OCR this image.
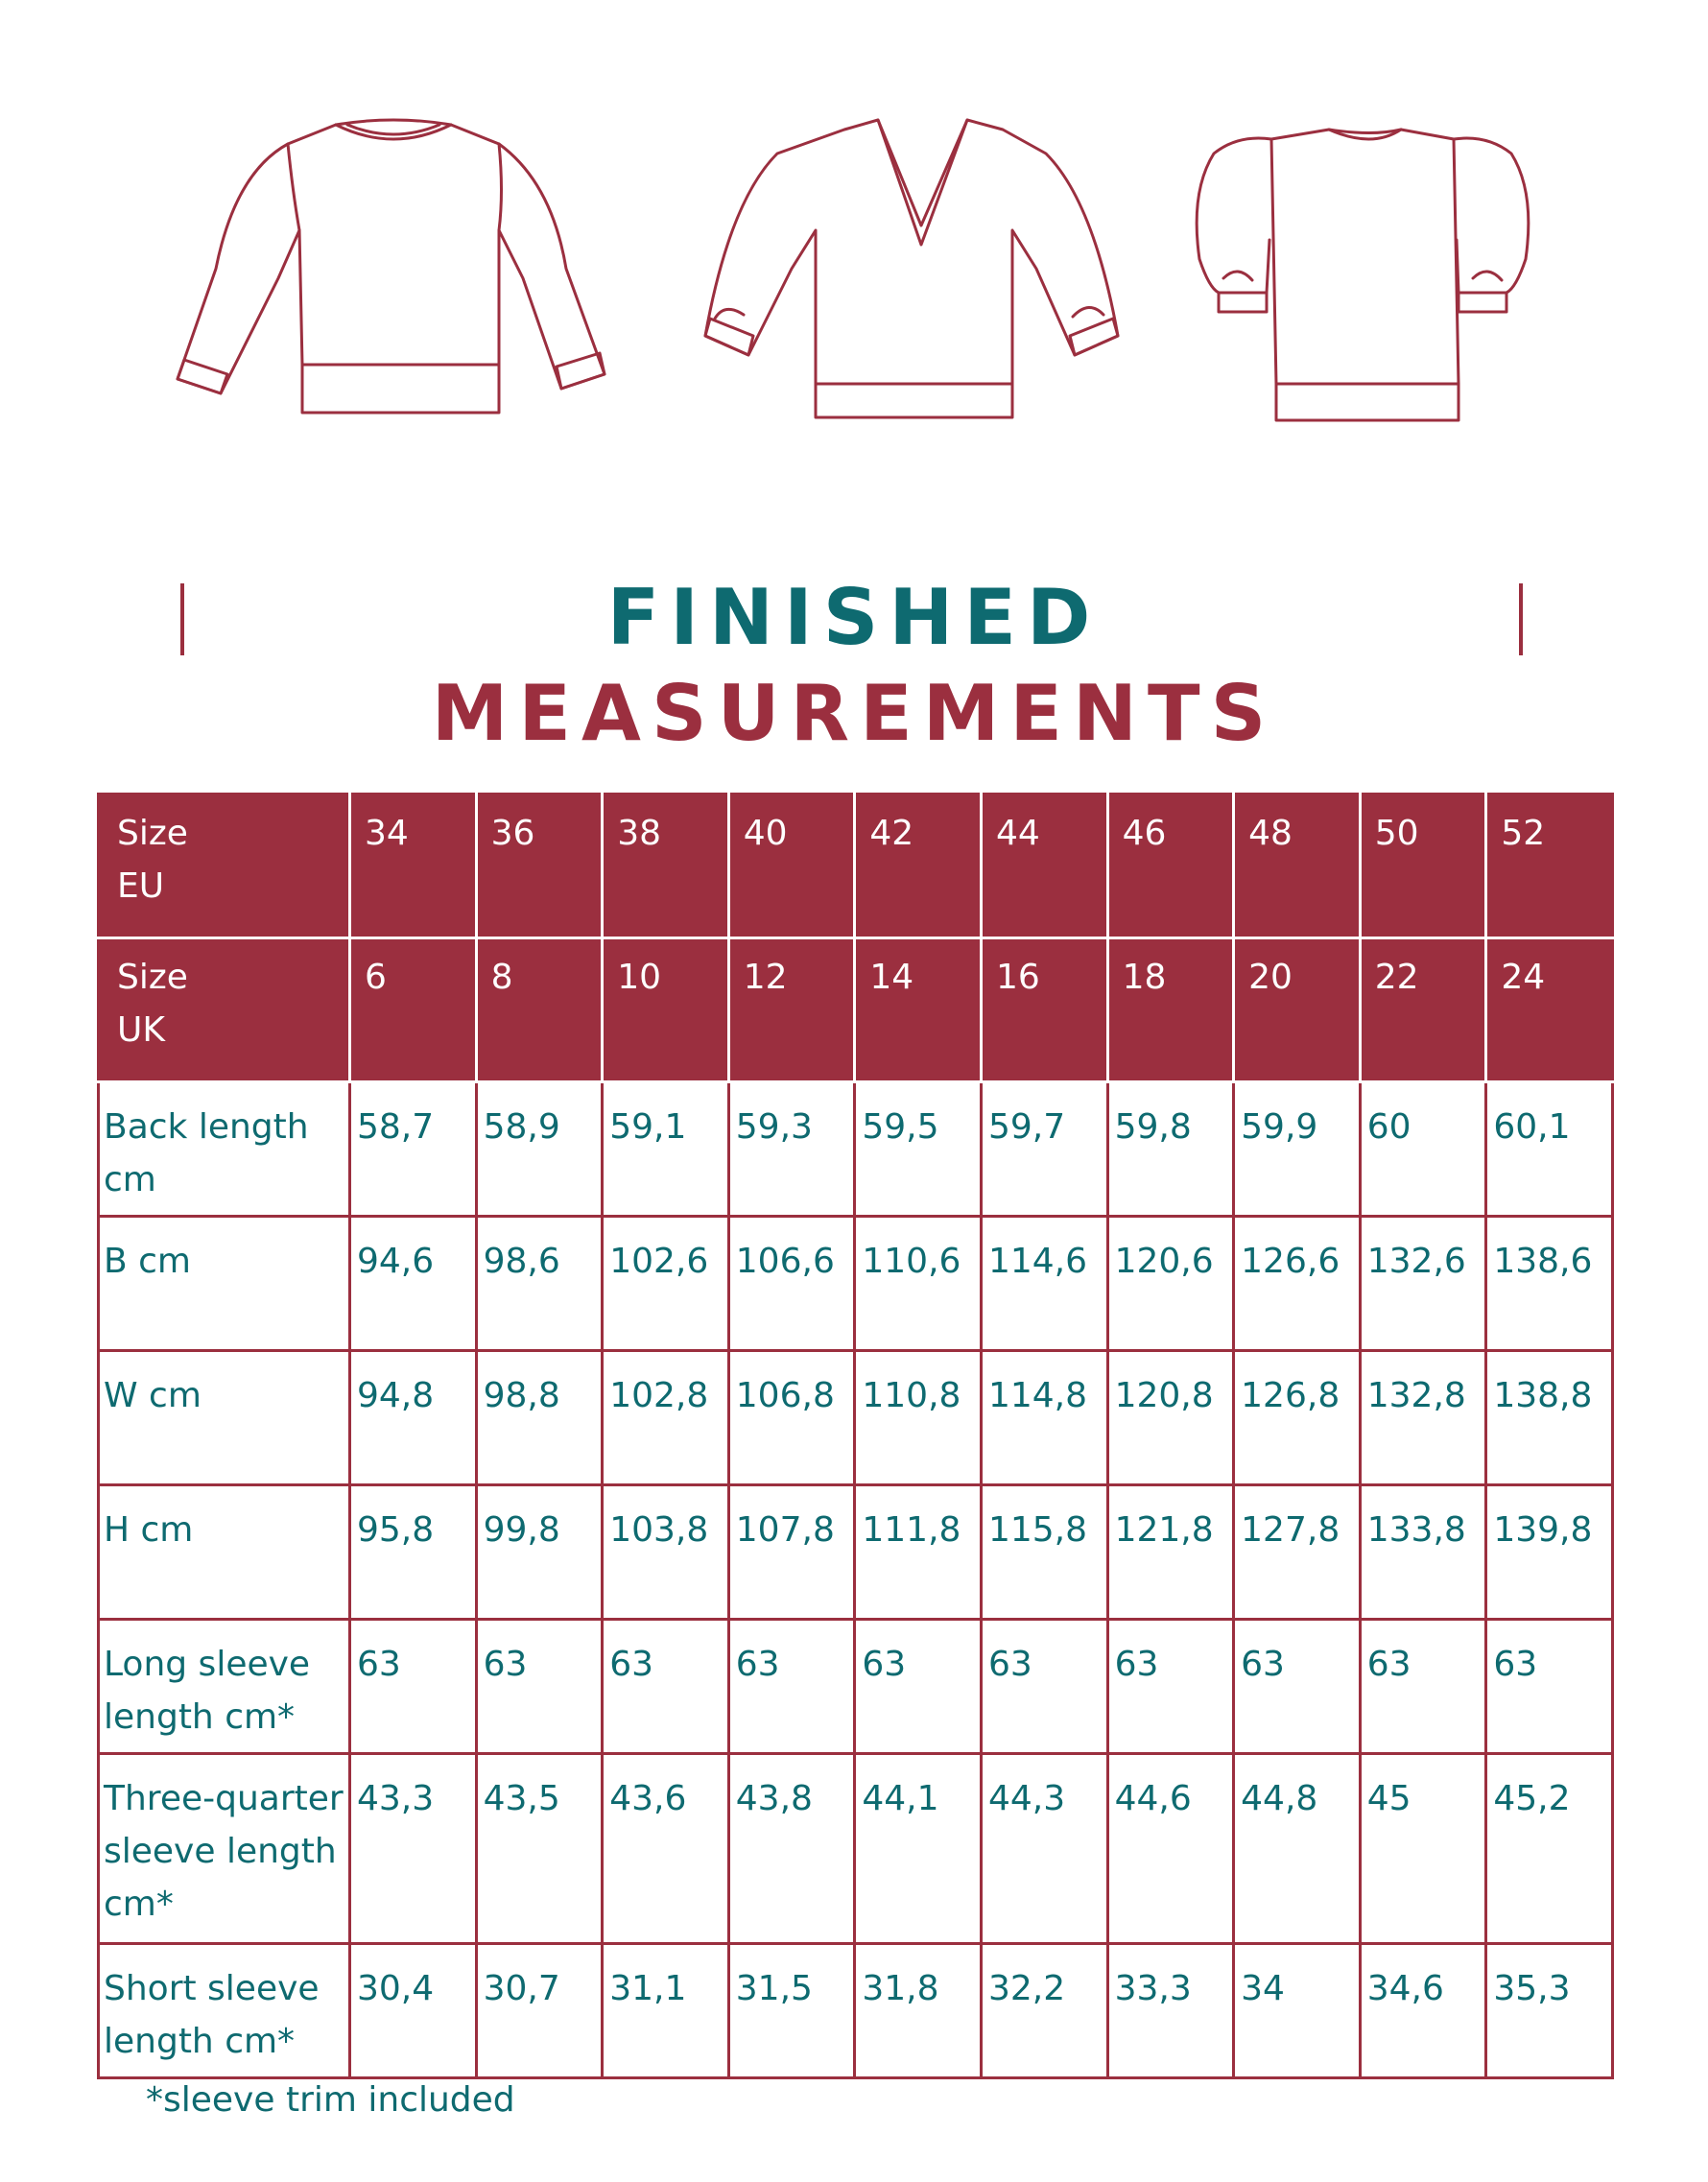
FINISHED MEASUREMENTS
Size
EU	34	36	38	40	42	44	46	48	50	52

Size
UK	6	8	10	12	14	16	18	20	22	24

Back length
cm	58,7	58,9	59,1	59,3	59,5	59,7	59,8	59,9	60	60,1

B cm	94,6	98,6	102,6	106,6	110,6	114,6	120,6	126,6	132,6	138,6

W cm	94,8	98,8	102,8	106,8	110,8	114,8	120,8	126,8	132,8	138,8

H cm	95,8	99,8	103,8	107,8	111,8	115,8	121,8	127,8	133,8	139,8

Long sleeve
length cm*	63	63	63	63	63	63	63	63	63	63

Three-quarter
sleeve length
cm*	43,3	43,5	43,6	43,8	44,1	44,3	44,6	44,8	45	45,2

Short sleeve
length cm*	30,4	30,7	31,1	31,5	31,8	32,2	33,3	34	34,6	35,3
*sleeve trim included
